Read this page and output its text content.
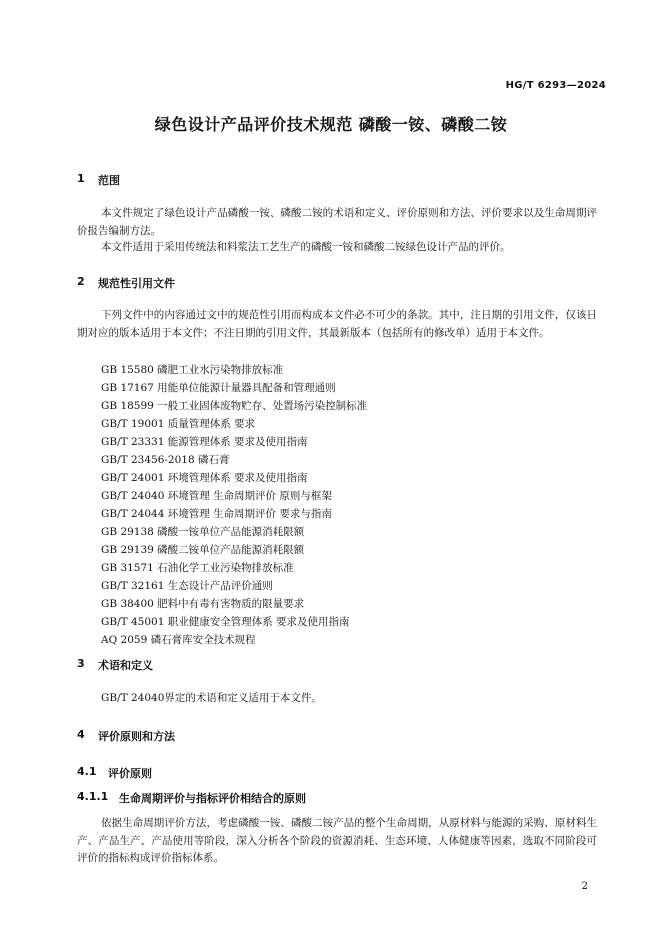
HG/T 6293—2024
绿色设计产品评价技术规范 磷酸一铵、磷酸二铵
1	范围

本文件规定了绿色设计产品磷酸一铵、磷酸二铵的术语和定义、评价原则和方法、评价要求以及生命周期评价报告编制方法。

本文件适用于采用传统法和料浆法工艺生产的磷酸一铵和磷酸二铵绿色设计产品的评价。

2	规范性引用文件

下列文件中的内容通过文中的规范性引用而构成本文件必不可少的条款。其中，注日期的引用文件，仅该日期对应的版本适用于本文件；不注日期的引用文件，其最新版本（包括所有的修改单）适用于本文件。

GB 15580 磷肥工业水污染物排放标准
GB 17167 用能单位能源计量器具配备和管理通则
GB 18599 一般工业固体废物贮存、处置场污染控制标准
GB/T 19001 质量管理体系 要求
GB/T 23331 能源管理体系 要求及使用指南
GB/T 23456-2018 磷石膏
GB/T 24001 环境管理体系 要求及使用指南
GB/T 24040 环境管理 生命周期评价 原则与框架
GB/T 24044 环境管理 生命周期评价 要求与指南
GB 29138 磷酸一铵单位产品能源消耗限额
GB 29139 磷酸二铵单位产品能源消耗限额
GB 31571 石油化学工业污染物排放标准
GB/T 32161 生态设计产品评价通则
GB 38400 肥料中有毒有害物质的限量要求
GB/T 45001 职业健康安全管理体系 要求及使用指南
AQ 2059 磷石膏库安全技术规程
3	术语和定义

GB/T 24040界定的术语和定义适用于本文件。

4	评价原则和方法
4.1	评价原则
4.1.1 生命周期评价与指标评价相结合的原则

依据生命周期评价方法，考虑磷酸一铵、磷酸二铵产品的整个生命周期，从原材料与能源的采购、原材料生产、产品生产、产品使用等阶段，深入分析各个阶段的资源消耗、生态环境、人体健康等因素，选取不同阶段可评价的指标构成评价指标体系。

2
